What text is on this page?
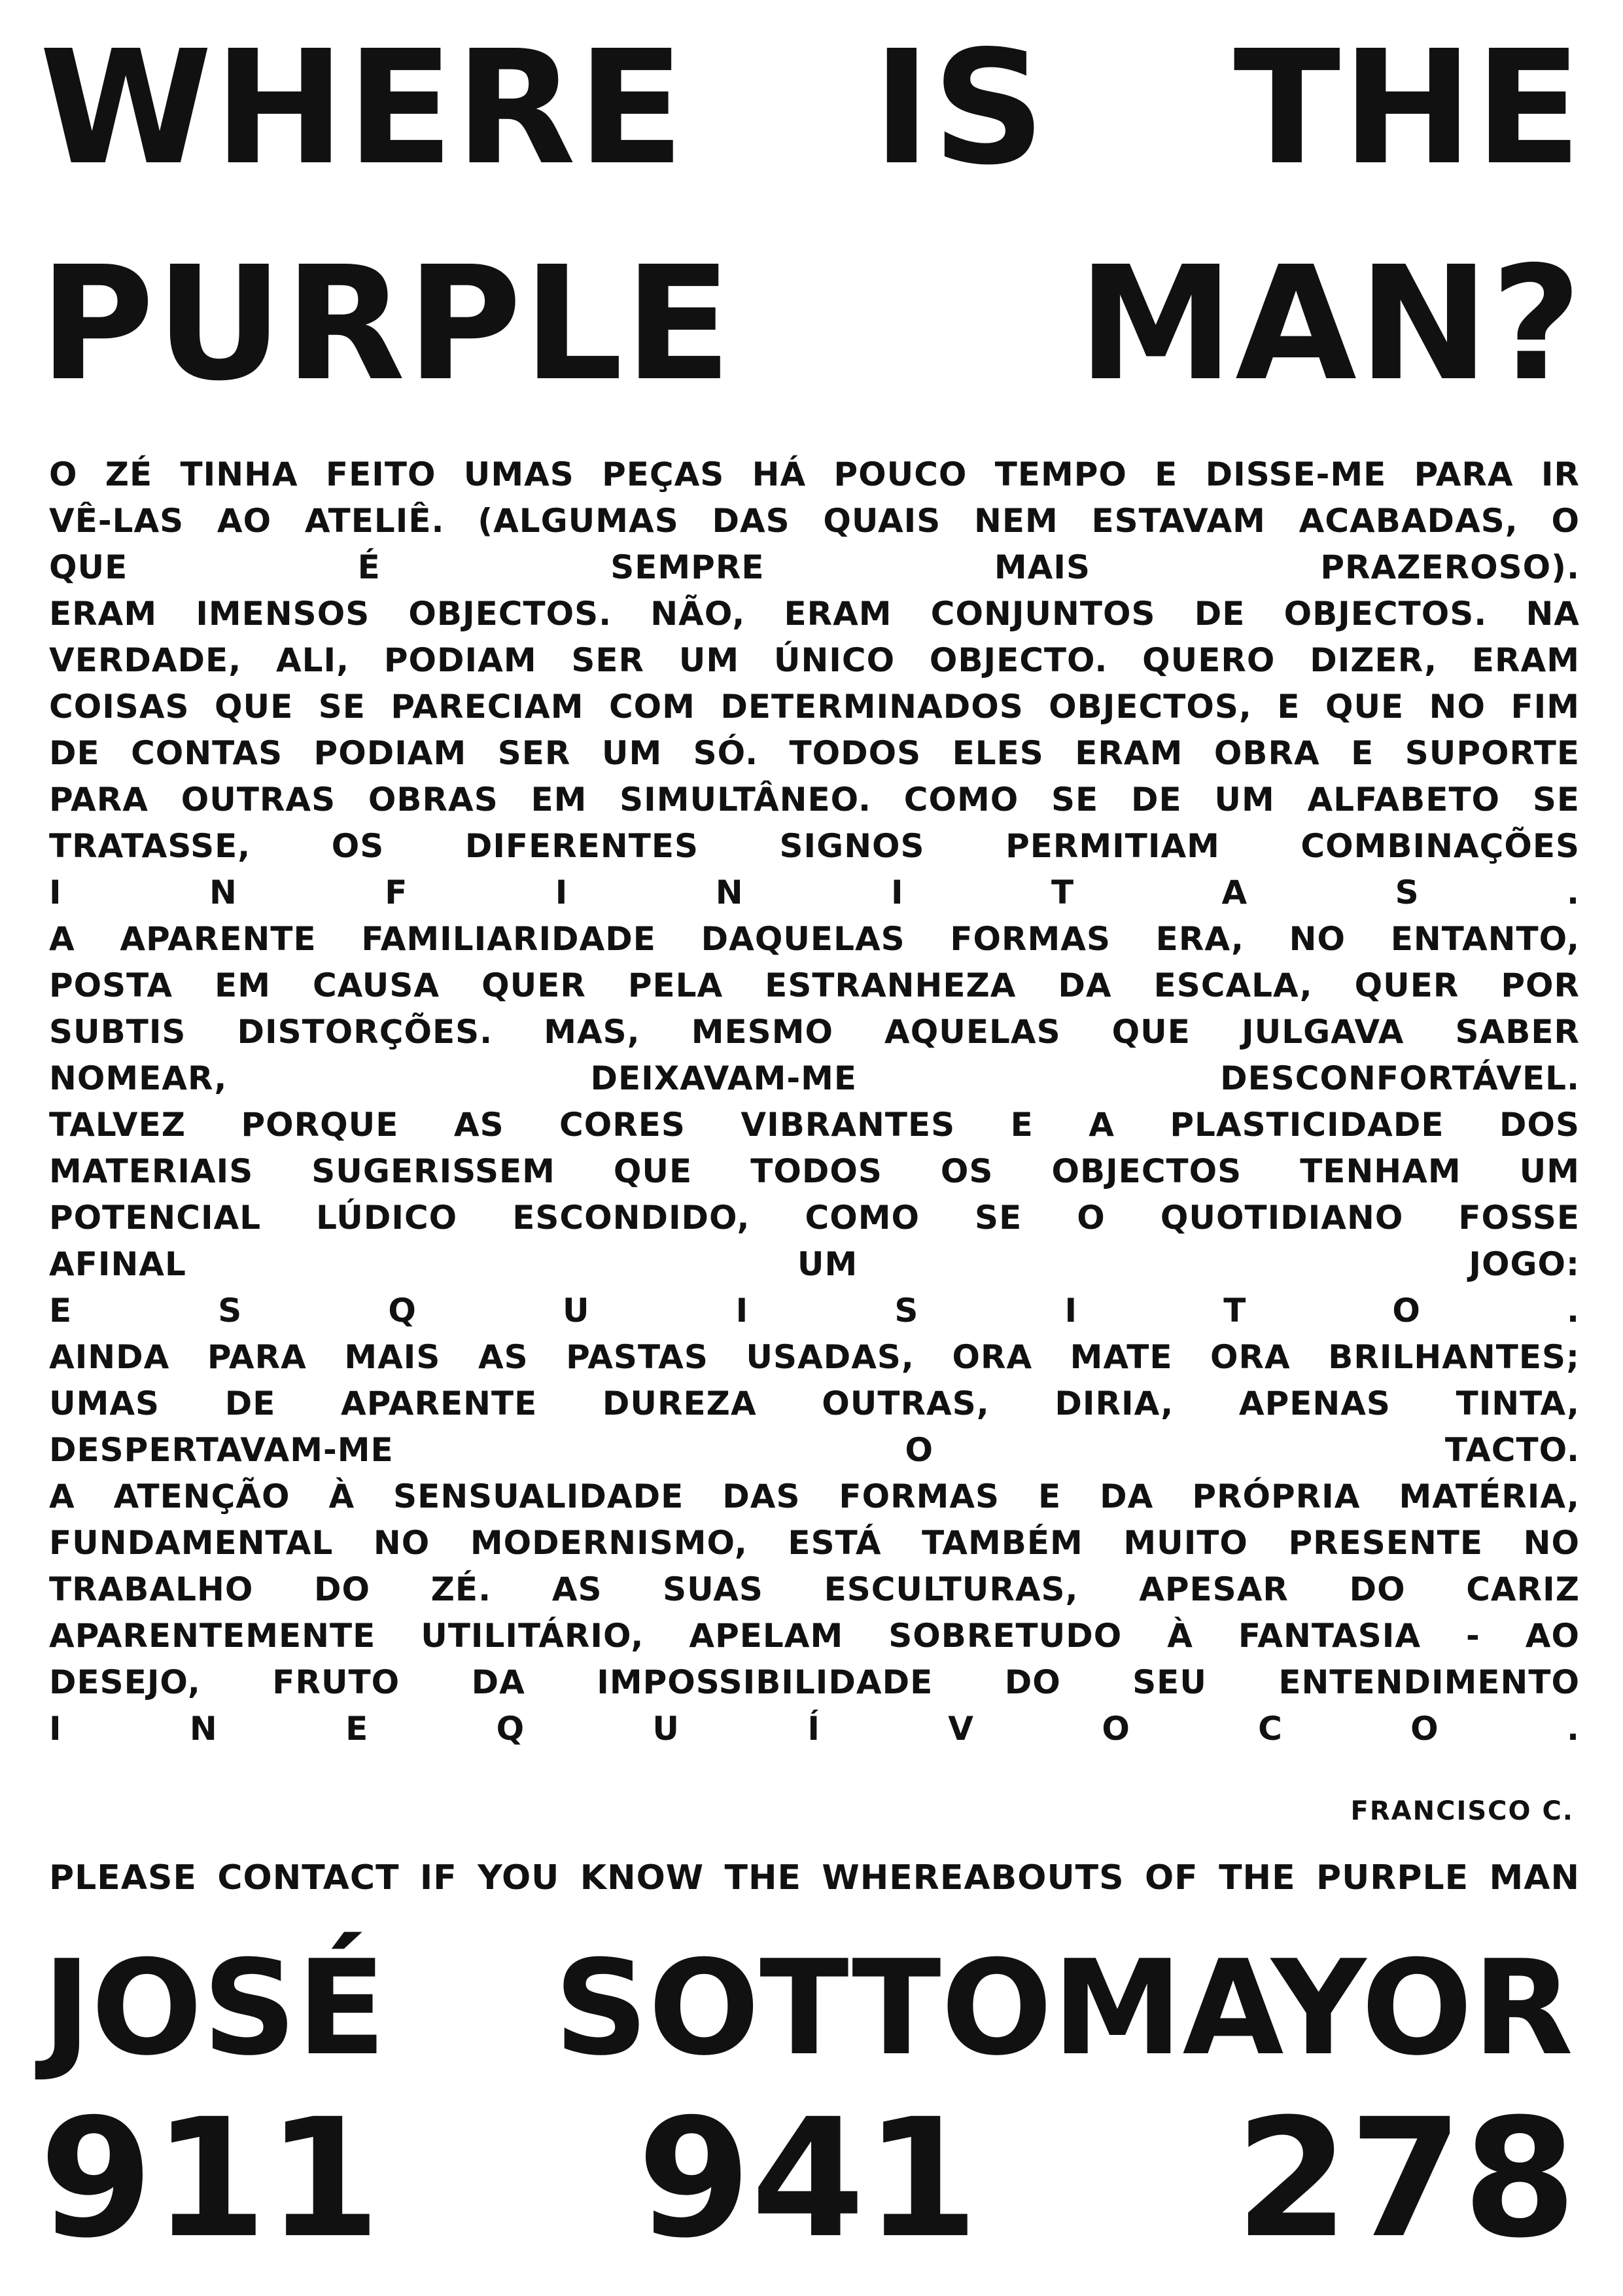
WHERE IS THE
PURPLE MAN?
O ZÉ TINHA FEITO UMAS PEÇAS HÁ POUCO TEMPO E DISSE-ME PARA IR
VÊ-LAS AO ATELIÊ. (ALGUMAS DAS QUAIS NEM ESTAVAM ACABADAS, O
QUE É SEMPRE MAIS PRAZEROSO).
ERAM IMENSOS OBJECTOS. NÃO, ERAM CONJUNTOS DE OBJECTOS. NA
VERDADE, ALI, PODIAM SER UM ÚNICO OBJECTO. QUERO DIZER, ERAM
COISAS QUE SE PARECIAM COM DETERMINADOS OBJECTOS, E QUE NO FIM
DE CONTAS PODIAM SER UM SÓ. TODOS ELES ERAM OBRA E SUPORTE
PARA OUTRAS OBRAS EM SIMULTÂNEO. COMO SE DE UM ALFABETO SE
TRATASSE, OS DIFERENTES SIGNOS PERMITIAM COMBINAÇÕES
I N F I N I T A S .
A APARENTE FAMILIARIDADE DAQUELAS FORMAS ERA, NO ENTANTO,
POSTA EM CAUSA QUER PELA ESTRANHEZA DA ESCALA, QUER POR
SUBTIS DISTORÇÕES. MAS, MESMO AQUELAS QUE JULGAVA SABER
NOMEAR, DEIXAVAM-ME DESCONFORTÁVEL.
TALVEZ PORQUE AS CORES VIBRANTES E A PLASTICIDADE DOS
MATERIAIS SUGERISSEM QUE TODOS OS OBJECTOS TENHAM UM
POTENCIAL LÚDICO ESCONDIDO, COMO SE O QUOTIDIANO FOSSE
AFINAL UM JOGO:
E S Q U I S I T O .
AINDA PARA MAIS AS PASTAS USADAS, ORA MATE ORA BRILHANTES;
UMAS DE APARENTE DUREZA OUTRAS, DIRIA, APENAS TINTA,
DESPERTAVAM-ME O TACTO.
A ATENÇÃO À SENSUALIDADE DAS FORMAS E DA PRÓPRIA MATÉRIA,
FUNDAMENTAL NO MODERNISMO, ESTÁ TAMBÉM MUITO PRESENTE NO
TRABALHO DO ZÉ. AS SUAS ESCULTURAS, APESAR DO CARIZ
APARENTEMENTE UTILITÁRIO, APELAM SOBRETUDO À FANTASIA - AO
DESEJO, FRUTO DA IMPOSSIBILIDADE DO SEU ENTENDIMENTO
I N E Q U Í V O C O .
FRANCISCO C.
PLEASE CONTACT IF YOU KNOW THE WHEREABOUTS OF THE PURPLE MAN
JOSÉ SOTTOMAYOR
911 941 278
